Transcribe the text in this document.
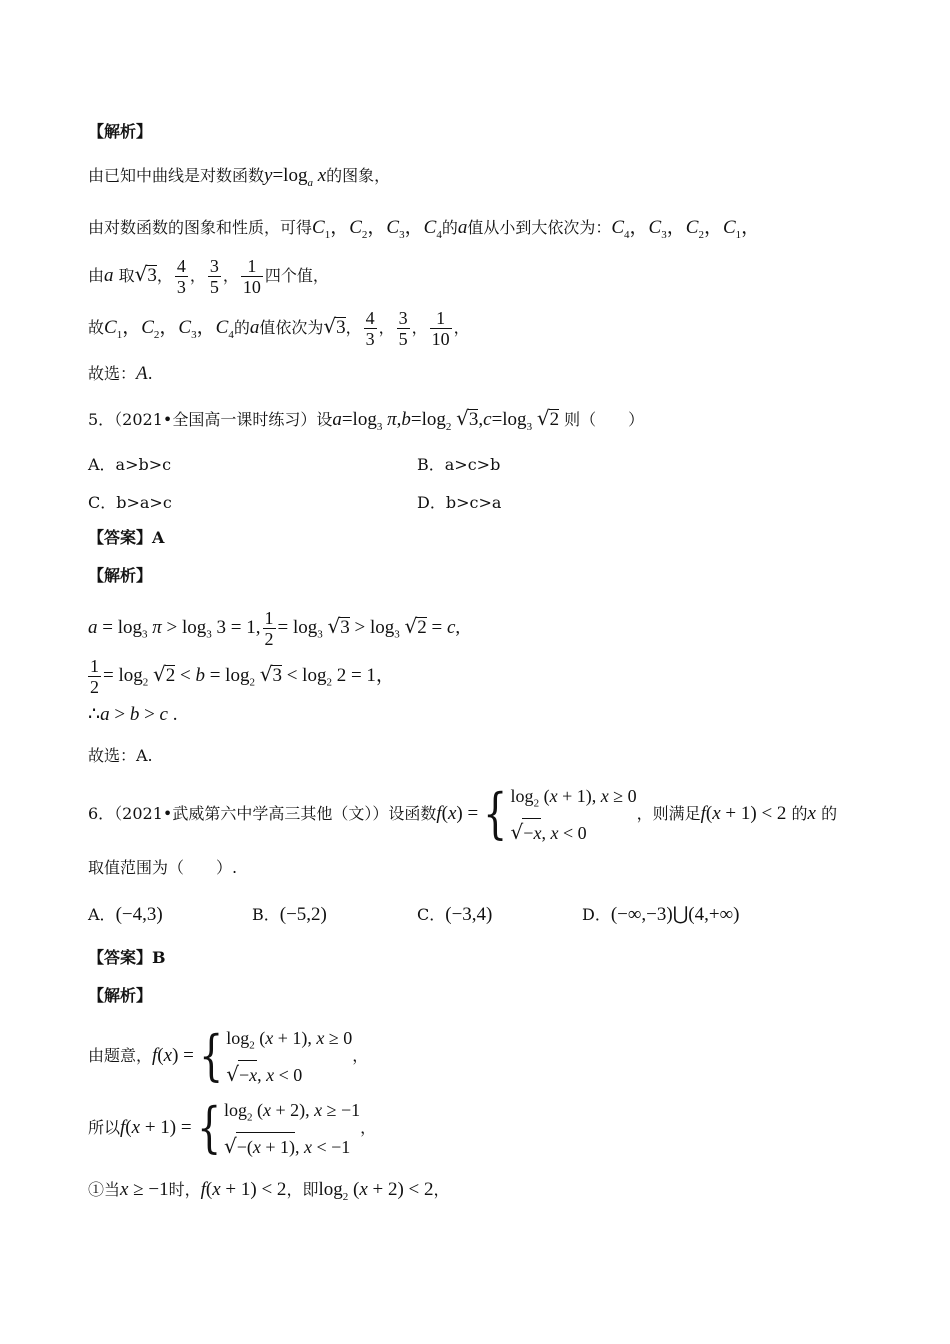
【解析】
由已知中曲线是对数函数$y=\log_a$ x的图象，
由对数函数的图象和性质，可得$C_1$，$C_2$，$C_3$，$C_4$的a值从小到大依次为：$C_4$，$C_3$，$C_2$，$C_1$，
由a 取√3， $\frac{4}{3}$ ， $\frac{3}{5}$ ， $\frac{1}{10}$ 四个值，
故$C_1$，$C_2$，$C_3$，$C_4$的a值依次为√3， $\frac{4}{3}$ ， $\frac{3}{5}$ ， $\frac{1}{10}$ ，
故选：A.
5．（2021•全国高一课时练习）设$a=\log_3$ $\pi,b=\log_2$ $√3,c=\log_3$ √2 则（　　）
A．a>b>c	B．a>c>b
C．b>a>c	D．b>c>a
【答案】A
【解析】
$a = \log_3 \pi > \log_3 3 = 1$, $\frac{1}{2} = \log_3 √3 > \log_3 √2 = c$,
$\frac{1}{2} = \log_2 √2 < b = \log_2 √3 < \log_2 2 = 1$，
∴a > b > c .
故选：A.
6．（2021•武威第六中学高三其他（文））设函数f(x) ={ $\log_2 (x + 1)$, x ≥ 0
√−x, x < 0
，则满足f(x + 1) < 2 的x 的
取值范围为（　　）.
A．(−4,3)	B．(−5,2)	C．(−3,4)	D．(−∞,−3)⋃(4,+∞)
【答案】B
【解析】
由题意，f(x) ={ $\log_2 (x + 1)$, x ≥ 0
√−x, x < 0
，
所以f(x + 1) ={ $\log_2 (x + 2)$, x ≥ −1
√−(x + 1), x < −1
，
①当x ≥ −1时，f(x + 1) < 2，即$\log_2 (x + 2) < 2$，
